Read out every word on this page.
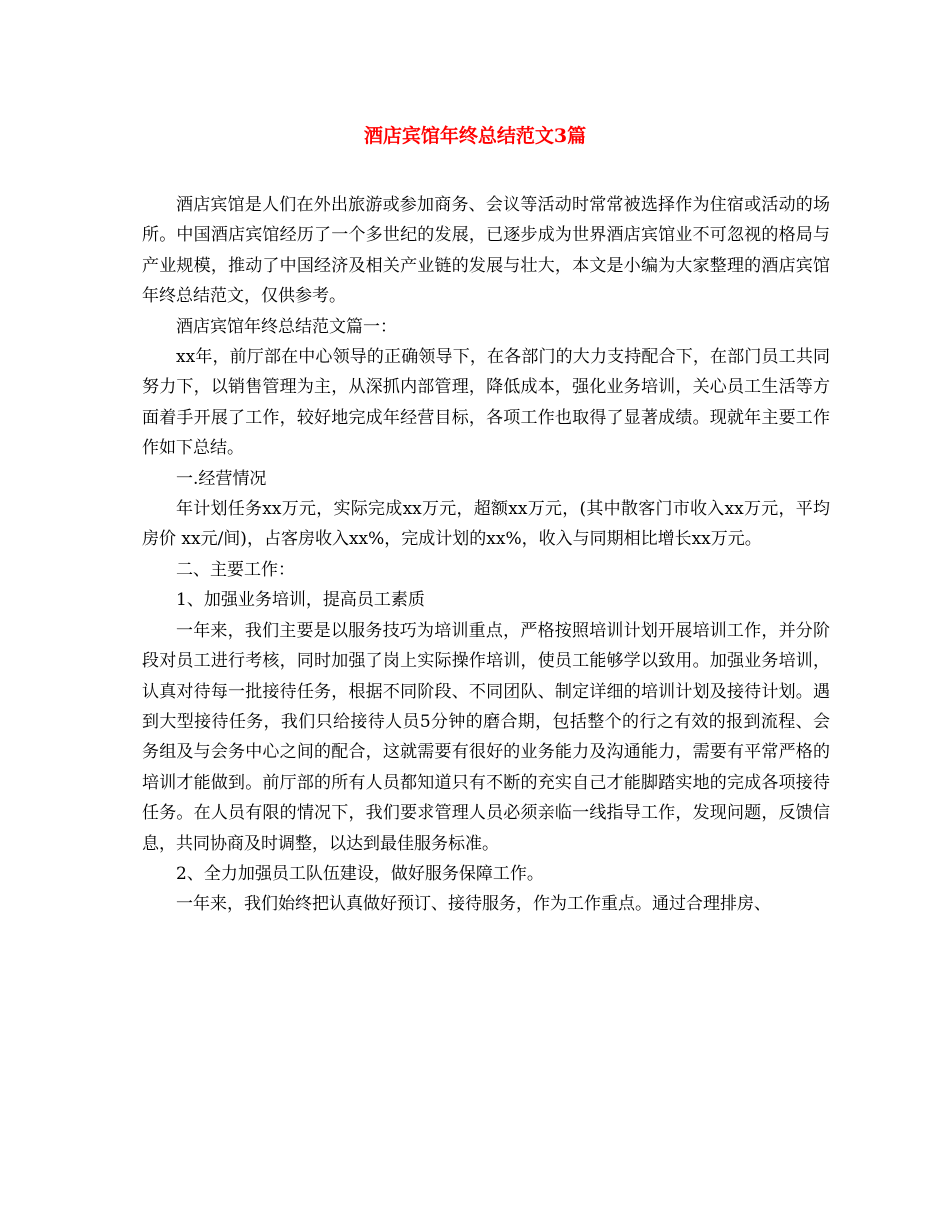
酒店宾馆年终总结范文3篇

酒店宾馆是人们在外出旅游或参加商务、会议等活动时常常被选择作为住宿或活动的场所。中国酒店宾馆经历了一个多世纪的发展，已逐步成为世界酒店宾馆业不可忽视的格局与产业规模，推动了中国经济及相关产业链的发展与壮大，本文是小编为大家整理的酒店宾馆年终总结范文，仅供参考。

酒店宾馆年终总结范文篇一：

xx年，前厅部在中心领导的正确领导下，在各部门的大力支持配合下，在部门员工共同努力下，以销售管理为主，从深抓内部管理，降低成本，强化业务培训，关心员工生活等方面着手开展了工作，较好地完成年经营目标，各项工作也取得了显著成绩。现就年主要工作作如下总结。

一.经营情况

年计划任务xx万元，实际完成xx万元，超额xx万元，(其中散客门市收入xx万元，平均房价 xx元/间)，占客房收入xx%，完成计划的xx%，收入与同期相比增长xx万元。

二、主要工作：

1、加强业务培训，提高员工素质

一年来，我们主要是以服务技巧为培训重点，严格按照培训计划开展培训工作，并分阶段对员工进行考核，同时加强了岗上实际操作培训，使员工能够学以致用。加强业务培训，认真对待每一批接待任务，根据不同阶段、不同团队、制定详细的培训计划及接待计划。遇到大型接待任务，我们只给接待人员5分钟的磨合期，包括整个的行之有效的报到流程、会务组及与会务中心之间的配合，这就需要有很好的业务能力及沟通能力，需要有平常严格的培训才能做到。前厅部的所有人员都知道只有不断的充实自己才能脚踏实地的完成各项接待任务。在人员有限的情况下，我们要求管理人员必须亲临一线指导工作，发现问题，反馈信息，共同协商及时调整，以达到最佳服务标准。

2、全力加强员工队伍建设，做好服务保障工作。

一年来，我们始终把认真做好预订、接待服务，作为工作重点。通过合理排房、
